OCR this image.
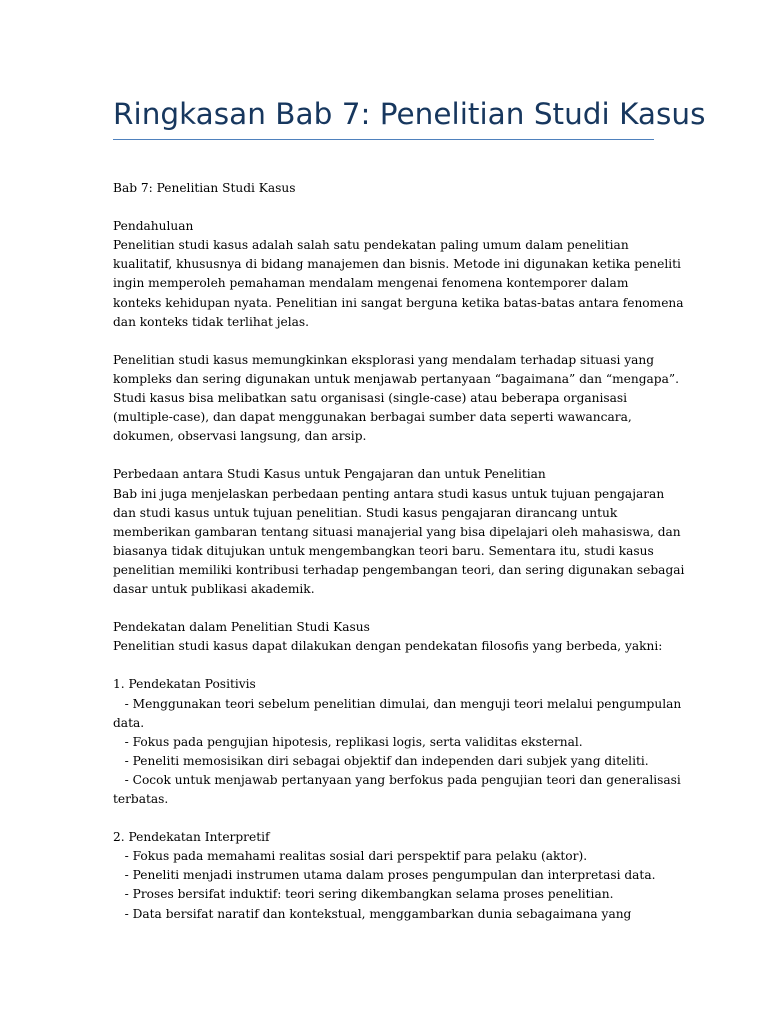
Ringkasan Bab 7: Penelitian Studi Kasus
Bab 7: Penelitian Studi Kasus
Pendahuluan
Penelitian studi kasus adalah salah satu pendekatan paling umum dalam penelitian
kualitatif, khususnya di bidang manajemen dan bisnis. Metode ini digunakan ketika peneliti
ingin memperoleh pemahaman mendalam mengenai fenomena kontemporer dalam
konteks kehidupan nyata. Penelitian ini sangat berguna ketika batas-batas antara fenomena
dan konteks tidak terlihat jelas.
Penelitian studi kasus memungkinkan eksplorasi yang mendalam terhadap situasi yang
kompleks dan sering digunakan untuk menjawab pertanyaan “bagaimana” dan “mengapa”.
Studi kasus bisa melibatkan satu organisasi (single-case) atau beberapa organisasi
(multiple-case), dan dapat menggunakan berbagai sumber data seperti wawancara,
dokumen, observasi langsung, dan arsip.
Perbedaan antara Studi Kasus untuk Pengajaran dan untuk Penelitian
Bab ini juga menjelaskan perbedaan penting antara studi kasus untuk tujuan pengajaran
dan studi kasus untuk tujuan penelitian. Studi kasus pengajaran dirancang untuk
memberikan gambaran tentang situasi manajerial yang bisa dipelajari oleh mahasiswa, dan
biasanya tidak ditujukan untuk mengembangkan teori baru. Sementara itu, studi kasus
penelitian memiliki kontribusi terhadap pengembangan teori, dan sering digunakan sebagai
dasar untuk publikasi akademik.
Pendekatan dalam Penelitian Studi Kasus
Penelitian studi kasus dapat dilakukan dengan pendekatan filosofis yang berbeda, yakni:
1. Pendekatan Positivis
- Menggunakan teori sebelum penelitian dimulai, dan menguji teori melalui pengumpulan
data.
- Fokus pada pengujian hipotesis, replikasi logis, serta validitas eksternal.
- Peneliti memosisikan diri sebagai objektif dan independen dari subjek yang diteliti.
- Cocok untuk menjawab pertanyaan yang berfokus pada pengujian teori dan generalisasi
terbatas.
2. Pendekatan Interpretif
- Fokus pada memahami realitas sosial dari perspektif para pelaku (aktor).
- Peneliti menjadi instrumen utama dalam proses pengumpulan dan interpretasi data.
- Proses bersifat induktif: teori sering dikembangkan selama proses penelitian.
- Data bersifat naratif dan kontekstual, menggambarkan dunia sebagaimana yang
